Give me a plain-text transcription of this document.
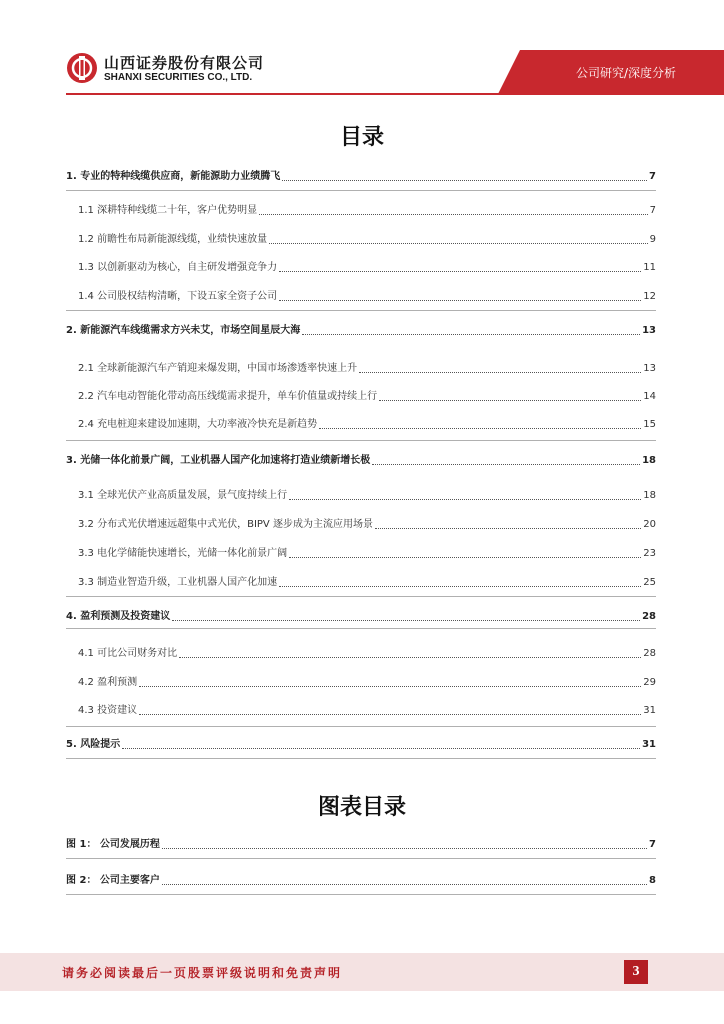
山西证券股份有限公司
SHANXI SECURITIES CO., LTD.	公司研究/深度分析
目录
1. 专业的特种线缆供应商，新能源助力业绩腾飞	7
1.1 深耕特种线缆二十年，客户优势明显	7
1.2 前瞻性布局新能源线缆，业绩快速放量	9
1.3 以创新驱动为核心，自主研发增强竞争力	11
1.4 公司股权结构清晰，下设五家全资子公司	12
2. 新能源汽车线缆需求方兴未艾，市场空间星辰大海	13
2.1 全球新能源汽车产销迎来爆发期，中国市场渗透率快速上升	13
2.2 汽车电动智能化带动高压线缆需求提升，单车价值量或持续上行	14
2.4 充电桩迎来建设加速期，大功率液冷快充是新趋势	15
3. 光储一体化前景广阔，工业机器人国产化加速将打造业绩新增长极	18
3.1 全球光伏产业高质量发展，景气度持续上行	18
3.2 分布式光伏增速远超集中式光伏，BIPV 逐步成为主流应用场景	20
3.3 电化学储能快速增长，光储一体化前景广阔	23
3.3 制造业智造升级，工业机器人国产化加速	25
4. 盈利预测及投资建议	28
4.1 可比公司财务对比	28
4.2 盈利预测	29
4.3 投资建议	31
5. 风险提示	31
图表目录
图 1： 公司发展历程	7
图 2： 公司主要客户	8
请务必阅读最后一页股票评级说明和免责声明	3
